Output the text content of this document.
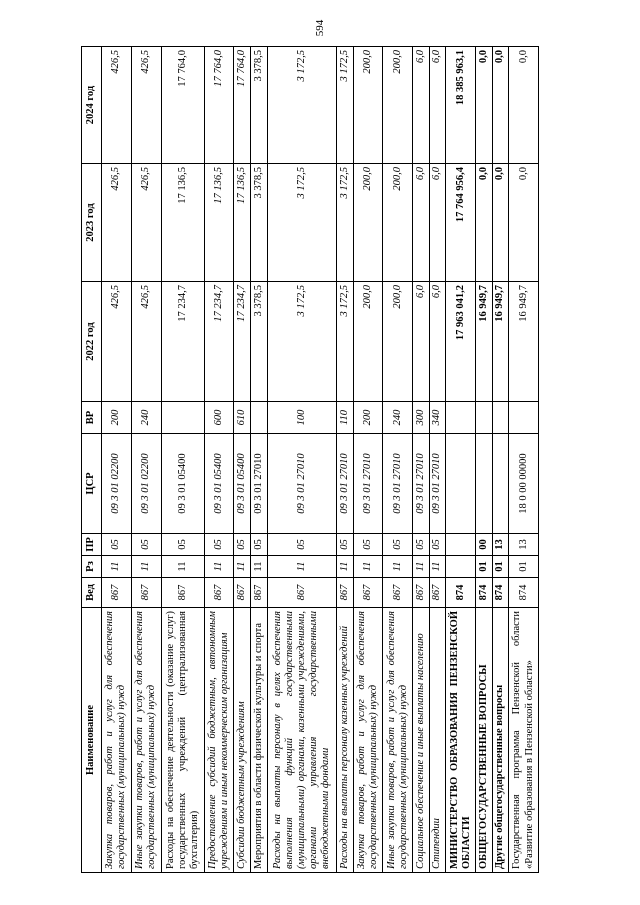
594
Наименование	Вед	Рз	ПР	ЦСР	ВР	2022 год	2023 год	2024 год
Закупка товаров, работ и услуг для обеспечения государственных (муниципальных) нужд	867	11	05	09 3 01 02200	200	426,5	426,5	426,5
Иные закупки товаров, работ и услуг для обеспечения государственных (муниципальных) нужд	867	11	05	09 3 01 02200	240	426,5	426,5	426,5
Расходы на обеспечение деятельности (оказание услуг) государственных учреждений (централизованная бухгалтерия)	867	11	05	09 3 01 05400		17 234,7	17 136,5	17 764,0
Предоставление субсидий бюджетным, автономным учреждениям и иным некоммерческим организациям	867	11	05	09 3 01 05400	600	17 234,7	17 136,5	17 764,0
Субсидии бюджетным учреждениям	867	11	05	09 3 01 05400	610	17 234,7	17 136,5	17 764,0
Мероприятия в области физической культуры и спорта	867	11	05	09 3 01 27010		3 378,5	3 378,5	3 378,5
Расходы на выплаты персоналу в целях обеспечения выполнения функций государственными (муниципальными) органами, казенными учреждениями, органами управления государственными внебюджетными фондами	867	11	05	09 3 01 27010	100	3 172,5	3 172,5	3 172,5
Расходы на выплаты персоналу казенных учреждений	867	11	05	09 3 01 27010	110	3 172,5	3 172,5	3 172,5
Закупка товаров, работ и услуг для обеспечения государственных (муниципальных) нужд	867	11	05	09 3 01 27010	200	200,0	200,0	200,0
Иные закупки товаров, работ и услуг для обеспечения государственных (муниципальных) нужд	867	11	05	09 3 01 27010	240	200,0	200,0	200,0
Социальное обеспечение и иные выплаты населению	867	11	05	09 3 01 27010	300	6,0	6,0	6,0
Стипендии	867	11	05	09 3 01 27010	340	6,0	6,0	6,0
МИНИСТЕРСТВО ОБРАЗОВАНИЯ ПЕНЗЕНСКОЙ ОБЛАСТИ	874					17 963 041,2	17 764 956,4	18 385 963,1
ОБЩЕГОСУДАРСТВЕННЫЕ ВОПРОСЫ	874	01	00			16 949,7	0,0	0,0
Другие общегосударственные вопросы	874	01	13			16 949,7	0,0	0,0
Государственная программа Пензенской области «Развитие образования в Пензенской области»	874	01	13	18 0 00 00000		16 949,7	0,0	0,0
